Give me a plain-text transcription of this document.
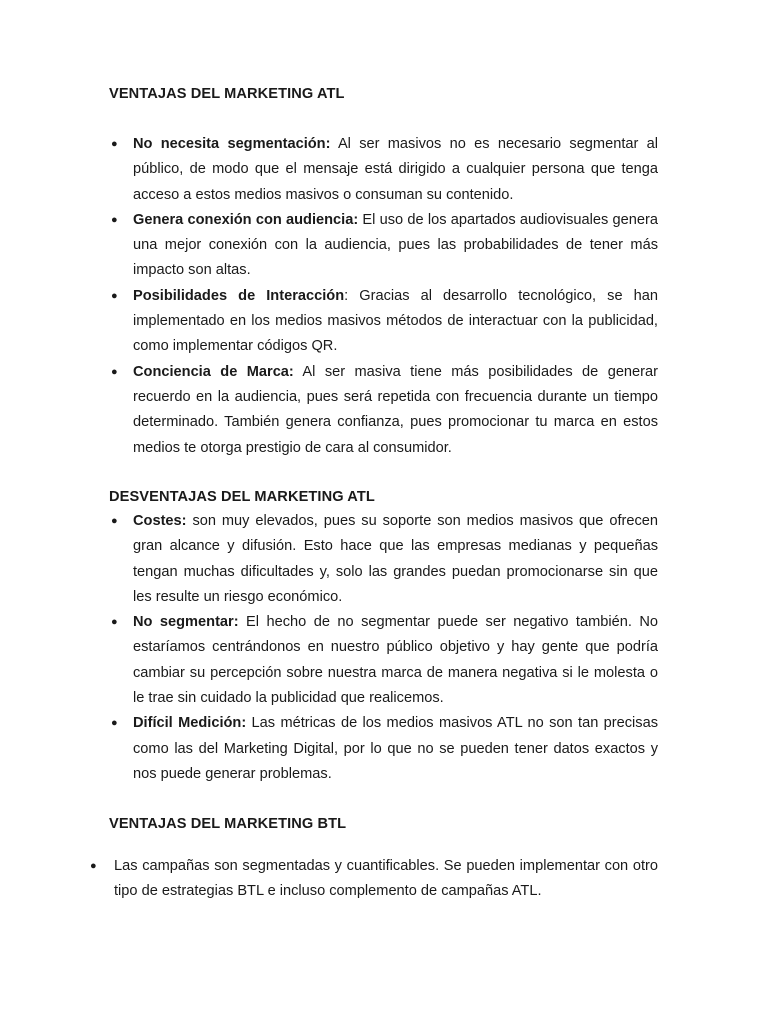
VENTAJAS DEL MARKETING ATL
● No necesita segmentación: Al ser masivos no es necesario segmentar al público, de modo que el mensaje está dirigido a cualquier persona que tenga acceso a estos medios masivos o consuman su contenido.
● Genera conexión con audiencia: El uso de los apartados audiovisuales genera una mejor conexión con la audiencia, pues las probabilidades de tener más impacto son altas.
● Posibilidades de Interacción: Gracias al desarrollo tecnológico, se han implementado en los medios masivos métodos de interactuar con la publicidad, como implementar códigos QR.
● Conciencia de Marca: Al ser masiva tiene más posibilidades de generar recuerdo en la audiencia, pues será repetida con frecuencia durante un tiempo determinado. También genera confianza, pues promocionar tu marca en estos medios te otorga prestigio de cara al consumidor.
DESVENTAJAS DEL MARKETING ATL
● Costes: son muy elevados, pues su soporte son medios masivos que ofrecen gran alcance y difusión. Esto hace que las empresas medianas y pequeñas tengan muchas dificultades y, solo las grandes puedan promocionarse sin que les resulte un riesgo económico.
● No segmentar: El hecho de no segmentar puede ser negativo también. No estaríamos centrándonos en nuestro público objetivo y hay gente que podría cambiar su percepción sobre nuestra marca de manera negativa si le molesta o le trae sin cuidado la publicidad que realicemos.
● Difícil Medición: Las métricas de los medios masivos ATL no son tan precisas como las del Marketing Digital, por lo que no se pueden tener datos exactos y nos puede generar problemas.
VENTAJAS DEL MARKETING BTL
● Las campañas son segmentadas y cuantificables. Se pueden implementar con otro tipo de estrategias BTL e incluso complemento de campañas ATL.
